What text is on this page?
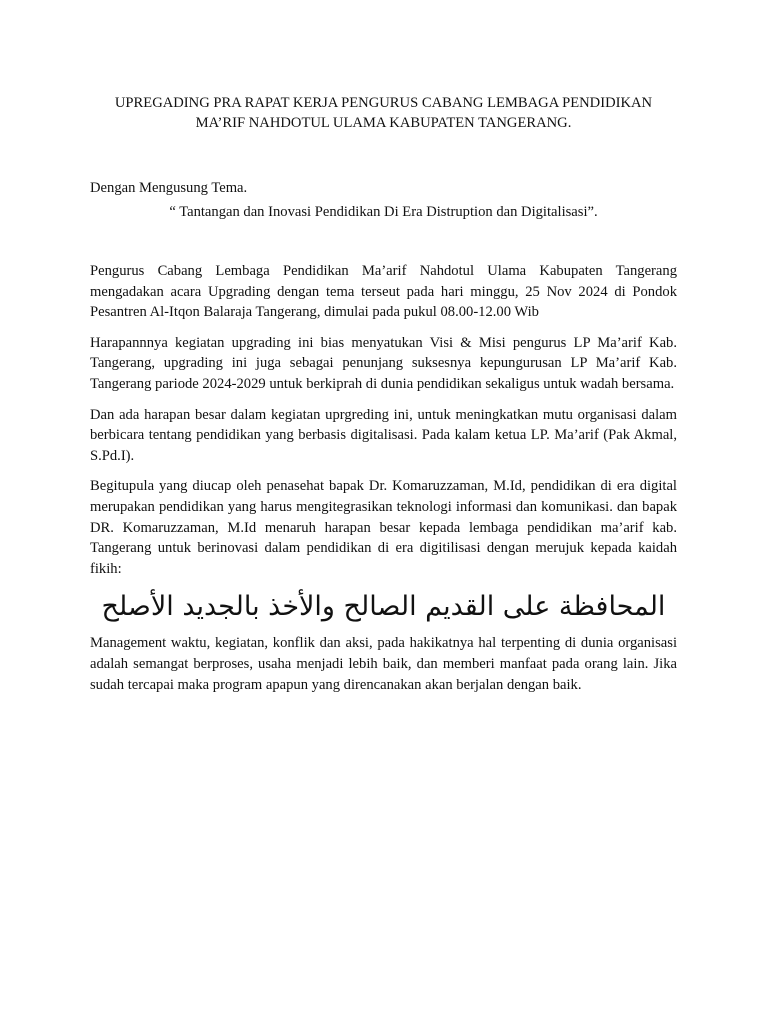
UPREGADING PRA RAPAT KERJA PENGURUS CABANG LEMBAGA PENDIDIKAN MA’RIF NAHDOTUL ULAMA KABUPATEN TANGERANG.
Dengan Mengusung Tema.
“ Tantangan dan Inovasi Pendidikan Di Era Distruption dan Digitalisasi”.

Pengurus Cabang Lembaga Pendidikan Ma’arif Nahdotul Ulama Kabupaten Tangerang mengadakan acara Upgrading dengan tema terseut pada hari minggu, 25 Nov 2024 di Pondok Pesantren Al-Itqon Balaraja Tangerang, dimulai pada pukul 08.00-12.00 Wib

Harapannnya kegiatan upgrading ini bias menyatukan Visi & Misi pengurus LP Ma’arif Kab. Tangerang, upgrading ini juga sebagai penunjang suksesnya kepungurusan LP Ma’arif Kab. Tangerang pariode 2024-2029 untuk berkiprah di dunia pendidikan sekaligus untuk wadah bersama.

Dan ada harapan besar dalam kegiatan uprgreding ini, untuk meningkatkan mutu organisasi dalam berbicara tentang pendidikan yang berbasis digitalisasi. Pada kalam ketua LP. Ma’arif (Pak Akmal, S.Pd.I).

Begitupula yang diucap oleh penasehat bapak Dr. Komaruzzaman, M.Id, pendidikan di era digital merupakan pendidikan yang harus mengitegrasikan teknologi informasi dan komunikasi. dan bapak DR. Komaruzzaman, M.Id menaruh harapan besar kepada lembaga pendidikan ma’arif kab. Tangerang untuk berinovasi dalam pendidikan di era digitilisasi dengan merujuk kepada kaidah fikih:

المحافظة على القديم الصالح والأخذ بالجديد الأصلح

Management waktu, kegiatan, konflik dan aksi, pada hakikatnya hal terpenting di dunia organisasi adalah semangat berproses, usaha menjadi lebih baik, dan memberi manfaat pada orang lain. Jika sudah tercapai maka program apapun yang direncanakan akan berjalan dengan baik.
